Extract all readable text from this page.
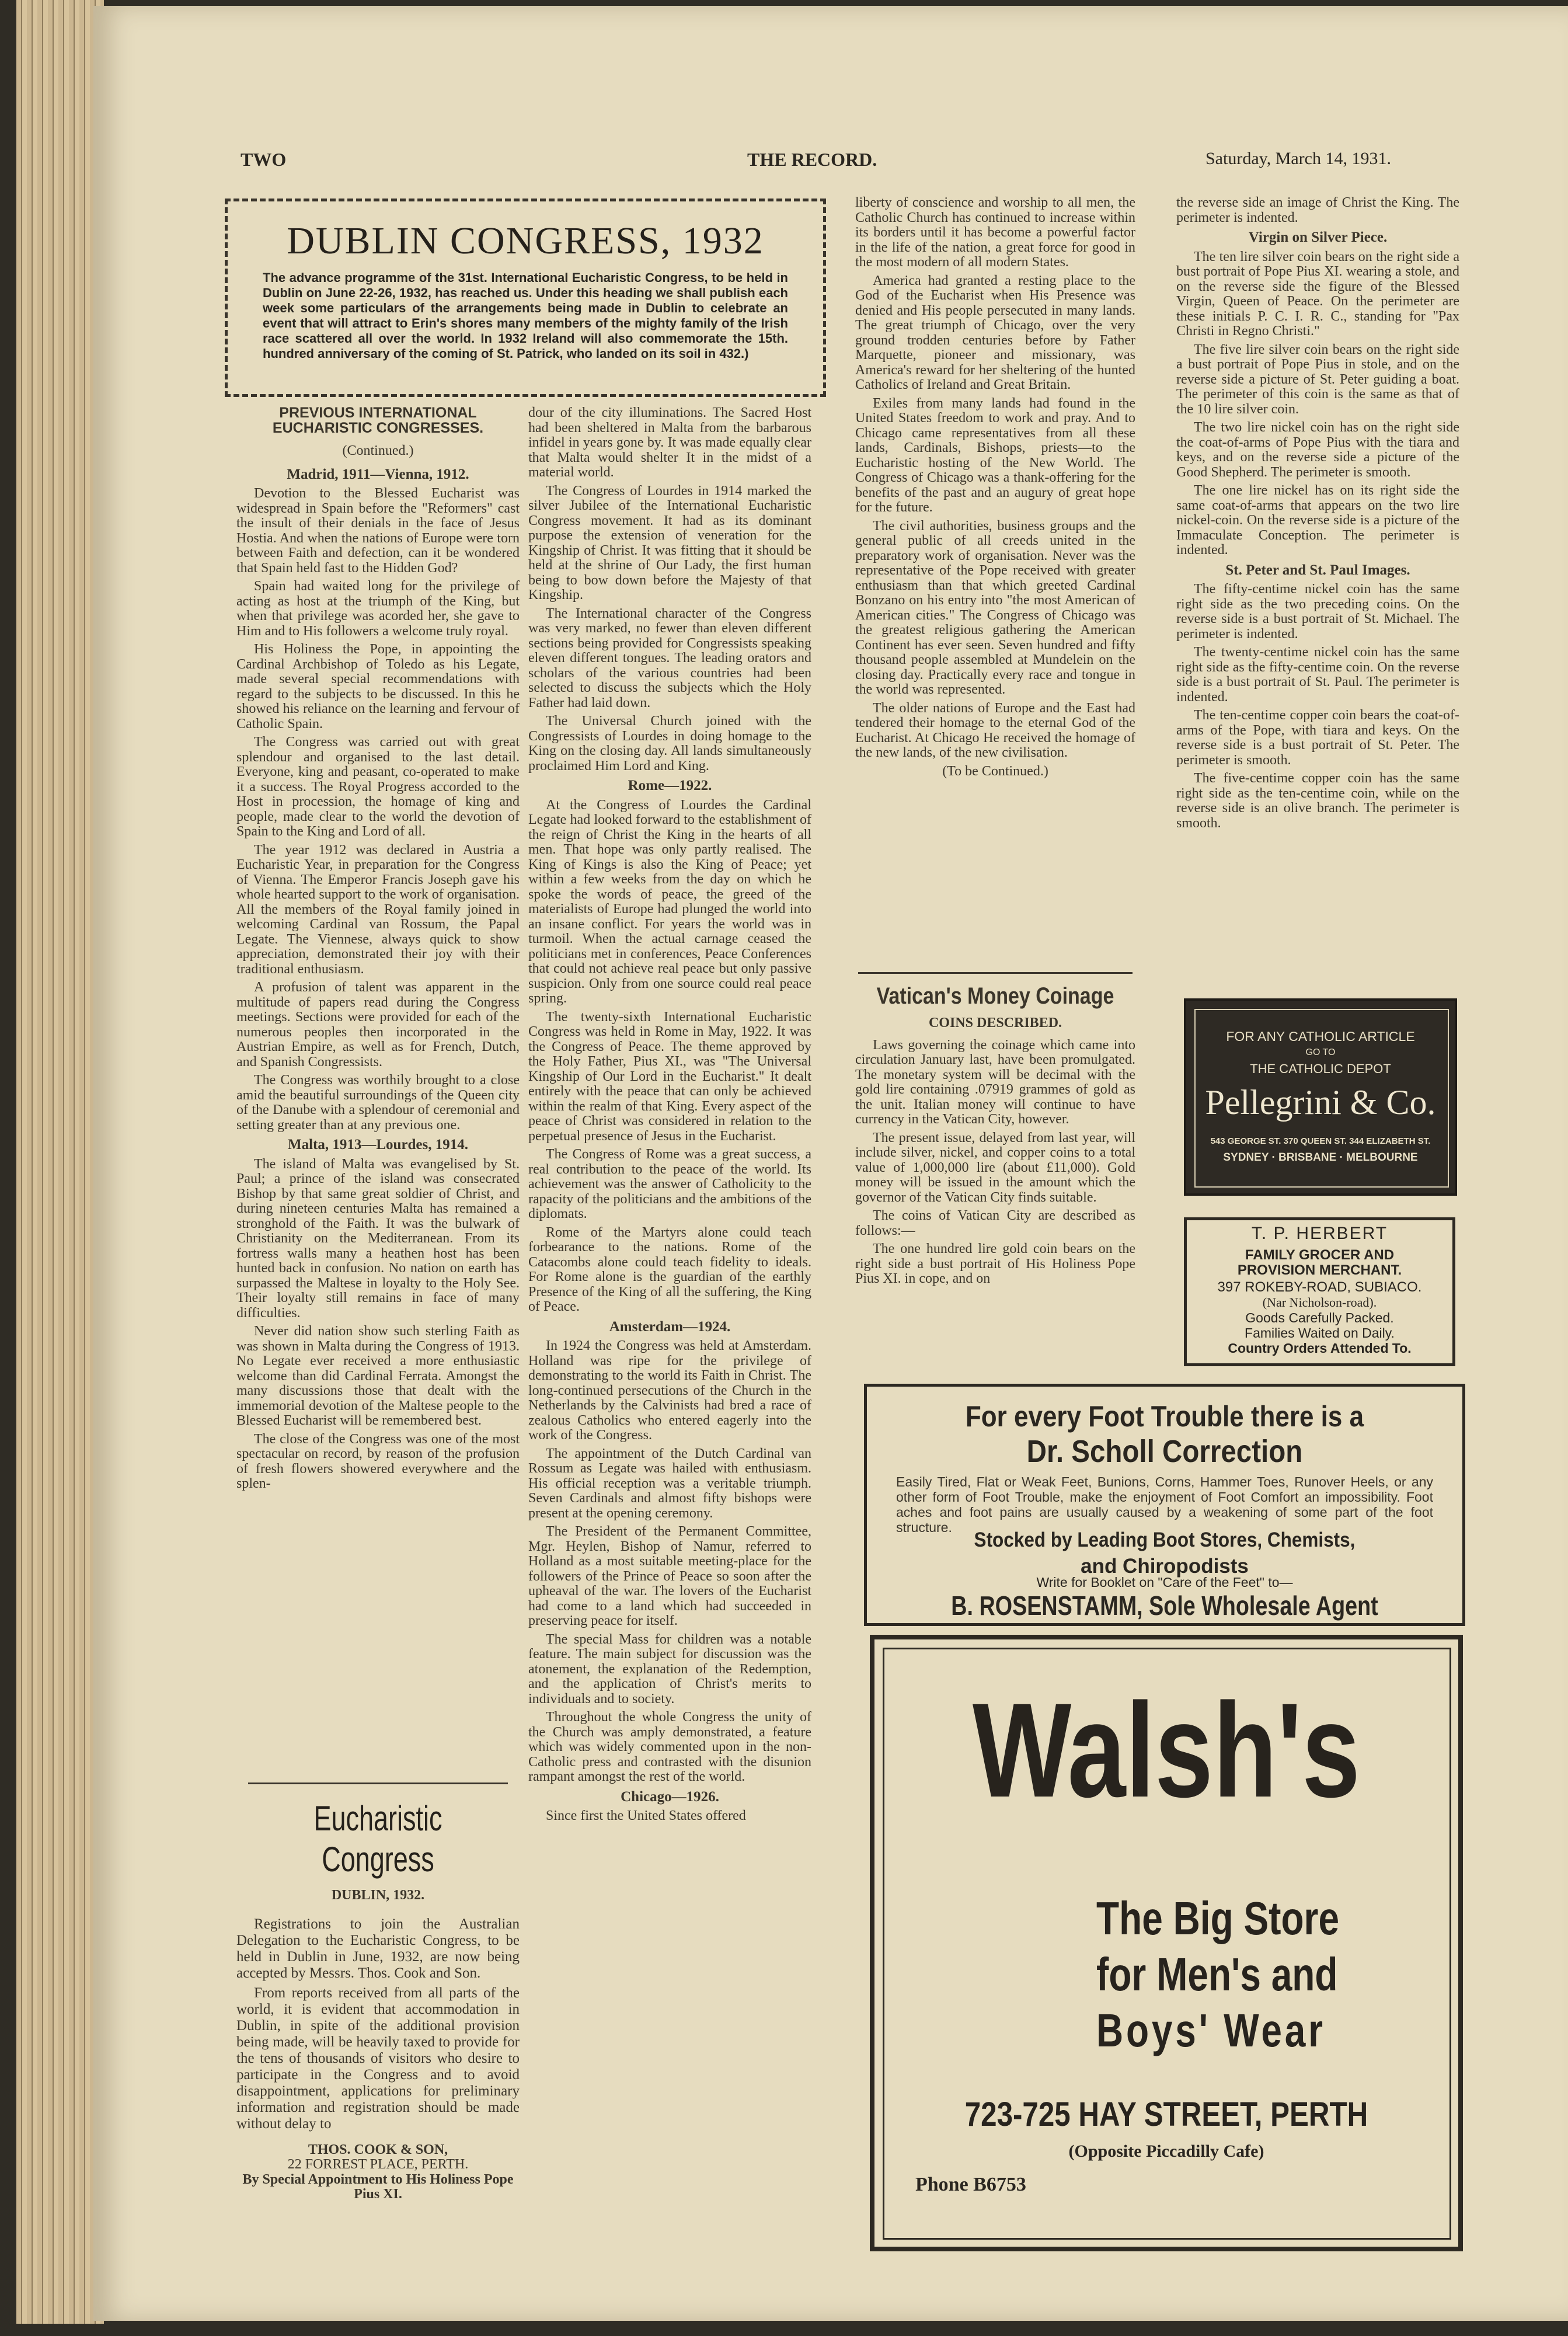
TWO	THE RECORD.	Saturday, March 14, 1931.
DUBLIN CONGRESS, 1932
The advance programme of the 31st. International Eucharistic Congress, to be held in Dublin on June 22-26, 1932, has reached us. Under this heading we shall publish each week some particulars of the arrangements being made in Dublin to celebrate an event that will attract to Erin's shores many members of the mighty family of the Irish race scattered all over the world. In 1932 Ireland will also commemorate the 15th. hundred anniversary of the coming of St. Patrick, who landed on its soil in 432.)
PREVIOUS INTERNATIONAL EUCHARISTIC CONGRESSES.
(Continued.)
Madrid, 1911—Vienna, 1912.

Devotion to the Blessed Eucharist was widespread in Spain before the "Reformers" cast the insult of their denials in the face of Jesus Hostia. And when the nations of Europe were torn between Faith and defection, can it be wondered that Spain held fast to the Hidden God?

Spain had waited long for the privilege of acting as host at the triumph of the King, but when that privilege was acorded her, she gave to Him and to His followers a welcome truly royal.

His Holiness the Pope, in appointing the Cardinal Archbishop of Toledo as his Legate, made several special recommendations with regard to the subjects to be discussed. In this he showed his reliance on the learning and fervour of Catholic Spain.

The Congress was carried out with great splendour and organised to the last detail. Everyone, king and peasant, co-operated to make it a success. The Royal Progress accorded to the Host in procession, the homage of king and people, made clear to the world the devotion of Spain to the King and Lord of all.

The year 1912 was declared in Austria a Eucharistic Year, in preparation for the Congress of Vienna. The Emperor Francis Joseph gave his whole hearted support to the work of organisation. All the members of the Royal family joined in welcoming Cardinal van Rossum, the Papal Legate. The Viennese, always quick to show appreciation, demonstrated their joy with their traditional enthusiasm.

A profusion of talent was apparent in the multitude of papers read during the Congress meetings. Sections were provided for each of the numerous peoples then incorporated in the Austrian Empire, as well as for French, Dutch, and Spanish Congressists.

The Congress was worthily brought to a close amid the beautiful surroundings of the Queen city of the Danube with a splendour of ceremonial and setting greater than at any previous one.

Malta, 1913—Lourdes, 1914.

The island of Malta was evangelised by St. Paul; a prince of the island was consecrated Bishop by that same great soldier of Christ, and during nineteen centuries Malta has remained a stronghold of the Faith. It was the bulwark of Christianity on the Mediterranean. From its fortress walls many a heathen host has been hunted back in confusion. No nation on earth has surpassed the Maltese in loyalty to the Holy See. Their loyalty still remains in face of many difficulties.

Never did nation show such sterling Faith as was shown in Malta during the Congress of 1913. No Legate ever received a more enthusiastic welcome than did Cardinal Ferrata. Amongst the many discussions those that dealt with the immemorial devotion of the Maltese people to the Blessed Eucharist will be remembered best.

The close of the Congress was one of the most spectacular on record, by reason of the profusion of fresh flowers showered everywhere and the splen-

Eucharistic Congress
DUBLIN, 1932.

Registrations to join the Australian Delegation to the Eucharistic Congress, to be held in Dublin in June, 1932, are now being accepted by Messrs. Thos. Cook and Son.

From reports received from all parts of the world, it is evident that accommodation in Dublin, in spite of the additional provision being made, will be heavily taxed to provide for the tens of thousands of visitors who desire to participate in the Congress and to avoid disappointment, applications for preliminary information and registration should be made without delay to

THOS. COOK & SON,
22 FORREST PLACE, PERTH.
By Special Appointment to His Holiness Pope Pius XI.

dour of the city illuminations. The Sacred Host had been sheltered in Malta from the barbarous infidel in years gone by. It was made equally clear that Malta would shelter It in the midst of a material world.

The Congress of Lourdes in 1914 marked the silver Jubilee of the International Eucharistic Congress movement. It had as its dominant purpose the extension of veneration for the Kingship of Christ. It was fitting that it should be held at the shrine of Our Lady, the first human being to bow down before the Majesty of that Kingship.

The International character of the Congress was very marked, no fewer than eleven different sections being provided for Congressists speaking eleven different tongues. The leading orators and scholars of the various countries had been selected to discuss the subjects which the Holy Father had laid down.

The Universal Church joined with the Congressists of Lourdes in doing homage to the King on the closing day. All lands simultaneously proclaimed Him Lord and King.

Rome—1922.

At the Congress of Lourdes the Cardinal Legate had looked forward to the establishment of the reign of Christ the King in the hearts of all men. That hope was only partly realised. The King of Kings is also the King of Peace; yet within a few weeks from the day on which he spoke the words of peace, the greed of the materialists of Europe had plunged the world into an insane conflict. For years the world was in turmoil. When the actual carnage ceased the politicians met in conferences, Peace Conferences that could not achieve real peace but only passive suspicion. Only from one source could real peace spring.

The twenty-sixth International Eucharistic Congress was held in Rome in May, 1922. It was the Congress of Peace. The theme approved by the Holy Father, Pius XI., was "The Universal Kingship of Our Lord in the Eucharist." It dealt entirely with the peace that can only be achieved within the realm of that King. Every aspect of the peace of Christ was considered in relation to the perpetual presence of Jesus in the Eucharist.

The Congress of Rome was a great success, a real contribution to the peace of the world. Its achievement was the answer of Catholicity to the rapacity of the politicians and the ambitions of the diplomats.

Rome of the Martyrs alone could teach forbearance to the nations. Rome of the Catacombs alone could teach fidelity to ideals. For Rome alone is the guardian of the earthly Presence of the King of all the suffering, the King of Peace.

Amsterdam—1924.

In 1924 the Congress was held at Amsterdam. Holland was ripe for the privilege of demonstrating to the world its Faith in Christ. The long-continued persecutions of the Church in the Netherlands by the Calvinists had bred a race of zealous Catholics who entered eagerly into the work of the Congress.

The appointment of the Dutch Cardinal van Rossum as Legate was hailed with enthusiasm. His official reception was a veritable triumph. Seven Cardinals and almost fifty bishops were present at the opening ceremony.

The President of the Permanent Committee, Mgr. Heylen, Bishop of Namur, referred to Holland as a most suitable meeting-place for the followers of the Prince of Peace so soon after the upheaval of the war. The lovers of the Eucharist had come to a land which had succeeded in preserving peace for itself.

The special Mass for children was a notable feature. The main subject for discussion was the atonement, the explanation of the Redemption, and the application of Christ's merits to individuals and to society.

Throughout the whole Congress the unity of the Church was amply demonstrated, a feature which was widely commented upon in the non-Catholic press and contrasted with the disunion rampant amongst the rest of the world.

Chicago—1926.

Since first the United States offered

liberty of conscience and worship to all men, the Catholic Church has continued to increase within its borders until it has become a powerful factor in the life of the nation, a great force for good in the most modern of all modern States.

America had granted a resting place to the God of the Eucharist when His Presence was denied and His people persecuted in many lands. The great triumph of Chicago, over the very ground trodden centuries before by Father Marquette, pioneer and missionary, was America's reward for her sheltering of the hunted Catholics of Ireland and Great Britain.

Exiles from many lands had found in the United States freedom to work and pray. And to Chicago came representatives from all these lands, Cardinals, Bishops, priests—to the Eucharistic hosting of the New World. The Congress of Chicago was a thank-offering for the benefits of the past and an augury of great hope for the future.

The civil authorities, business groups and the general public of all creeds united in the preparatory work of organisation. Never was the representative of the Pope received with greater enthusiasm than that which greeted Cardinal Bonzano on his entry into "the most American of American cities." The Congress of Chicago was the greatest religious gathering the American Continent has ever seen. Seven hundred and fifty thousand people assembled at Mundelein on the closing day. Practically every race and tongue in the world was represented.

The older nations of Europe and the East had tendered their homage to the eternal God of the Eucharist. At Chicago He received the homage of the new lands, of the new civilisation.

(To be Continued.)
Vatican's Money Coinage
COINS DESCRIBED.

Laws governing the coinage which came into circulation January last, have been promulgated. The monetary system will be decimal with the gold lire containing .07919 grammes of gold as the unit. Italian money will continue to have currency in the Vatican City, however.

The present issue, delayed from last year, will include silver, nickel, and copper coins to a total value of 1,000,000 lire (about £11,000). Gold money will be issued in the amount which the governor of the Vatican City finds suitable.

The coins of Vatican City are described as follows:—

The one hundred lire gold coin bears on the right side a bust portrait of His Holiness Pope Pius XI. in cope, and on

the reverse side an image of Christ the King. The perimeter is indented.

Virgin on Silver Piece.

The ten lire silver coin bears on the right side a bust portrait of Pope Pius XI. wearing a stole, and on the reverse side the figure of the Blessed Virgin, Queen of Peace. On the perimeter are these initials P. C. I. R. C., standing for "Pax Christi in Regno Christi."

The five lire silver coin bears on the right side a bust portrait of Pope Pius in stole, and on the reverse side a picture of St. Peter guiding a boat. The perimeter of this coin is the same as that of the 10 lire silver coin.

The two lire nickel coin has on the right side the coat-of-arms of Pope Pius with the tiara and keys, and on the reverse side a picture of the Good Shepherd. The perimeter is smooth.

The one lire nickel has on its right side the same coat-of-arms that appears on the two lire nickel-coin. On the reverse side is a picture of the Immaculate Conception. The perimeter is indented.

St. Peter and St. Paul Images.

The fifty-centime nickel coin has the same right side as the two preceding coins. On the reverse side is a bust portrait of St. Michael. The perimeter is indented.

The twenty-centime nickel coin has the same right side as the fifty-centime coin. On the reverse side is a bust portrait of St. Paul. The perimeter is indented.

The ten-centime copper coin bears the coat-of-arms of the Pope, with tiara and keys. On the reverse side is a bust portrait of St. Peter. The perimeter is smooth.

The five-centime copper coin has the same right side as the ten-centime coin, while on the reverse side is an olive branch. The perimeter is smooth.

FOR ANY CATHOLIC ARTICLE
GO TO
THE CATHOLIC DEPOT
Pellegrini & Co.
543 GEORGE ST. 370 QUEEN ST. 344 ELIZABETH ST.
SYDNEY · BRISBANE · MELBOURNE
T. P. HERBERT
FAMILY GROCER AND
PROVISION MERCHANT.
397 ROKEBY-ROAD, SUBIACO.
(Nar Nicholson-road).
Goods Carefully Packed.
Families Waited on Daily.
Country Orders Attended To.
For every Foot Trouble there is a
Dr. Scholl Correction
Easily Tired, Flat or Weak Feet, Bunions, Corns, Hammer Toes, Runover Heels, or any other form of Foot Trouble, make the enjoyment of Foot Comfort an impossibility. Foot aches and foot pains are usually caused by a weakening of some part of the foot structure.
Stocked by Leading Boot Stores, Chemists,
and Chiropodists
Write for Booklet on "Care of the Feet" to—
B. ROSENSTAMM, Sole Wholesale Agent
Walsh's
The Big Store
for Men's and
Boys' Wear
723-725 HAY STREET, PERTH
(Opposite Piccadilly Cafe)
Phone B6753
